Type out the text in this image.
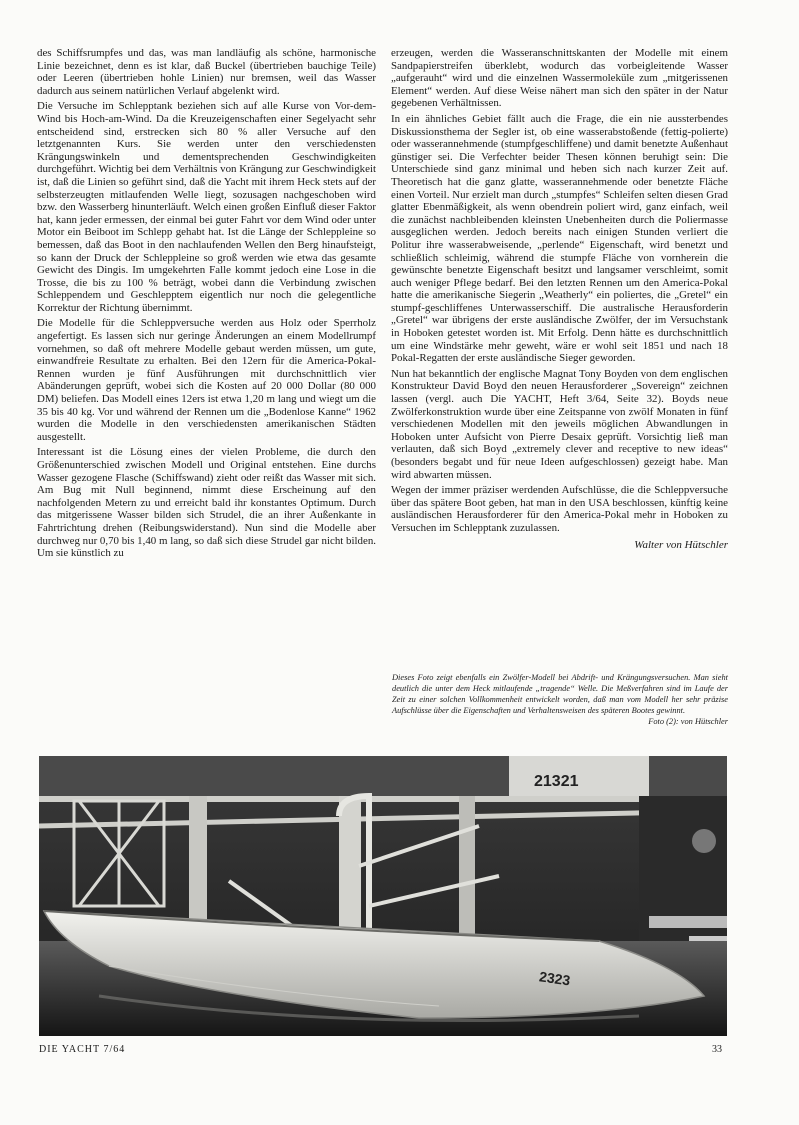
des Schiffsrumpfes und das, was man landläufig als schöne, harmonische Linie bezeichnet, denn es ist klar, daß Buckel (übertrieben bauchige Teile) oder Leeren (übertrieben hohle Linien) nur bremsen, weil das Wasser dadurch aus seinem natürlichen Verlauf abgelenkt wird.

Die Versuche im Schlepptank beziehen sich auf alle Kurse von Vor-dem-Wind bis Hoch-am-Wind. Da die Kreuzeigenschaften einer Segelyacht sehr entscheidend sind, erstrecken sich 80 % aller Versuche auf den letztgenannten Kurs. Sie werden unter den verschiedensten Krängungswinkeln und dementsprechenden Geschwindigkeiten durchgeführt. Wichtig bei dem Verhältnis von Krängung zur Geschwindigkeit ist, daß die Linien so geführt sind, daß die Yacht mit ihrem Heck stets auf der selbsterzeugten mitlaufenden Welle liegt, sozusagen nachgeschoben wird bzw. den Wasserberg hinunterläuft. Welch einen großen Einfluß dieser Faktor hat, kann jeder ermessen, der einmal bei guter Fahrt vor dem Wind oder unter Motor ein Beiboot im Schlepp gehabt hat. Ist die Länge der Schleppleine so bemessen, daß das Boot in den nachlaufenden Wellen den Berg hinaufsteigt, so kann der Druck der Schleppleine so groß werden wie etwa das gesamte Gewicht des Dingis. Im umgekehrten Falle kommt jedoch eine Lose in die Trosse, die bis zu 100 % beträgt, wobei dann die Verbindung zwischen Schleppendem und Geschlepptem eigentlich nur noch die gelegentliche Korrektur der Richtung übernimmt.

Die Modelle für die Schleppversuche werden aus Holz oder Sperrholz angefertigt. Es lassen sich nur geringe Änderungen an einem Modellrumpf vornehmen, so daß oft mehrere Modelle gebaut werden müssen, um gute, einwandfreie Resultate zu erhalten. Bei den 12ern für die America-Pokal-Rennen wurden je fünf Ausführungen mit durchschnittlich vier Abänderungen geprüft, wobei sich die Kosten auf 20 000 Dollar (80 000 DM) beliefen. Das Modell eines 12ers ist etwa 1,20 m lang und wiegt um die 35 bis 40 kg. Vor und während der Rennen um die „Bodenlose Kanne“ 1962 wurden die Modelle in den verschiedensten amerikanischen Städten ausgestellt.

Interessant ist die Lösung eines der vielen Probleme, die durch den Größenunterschied zwischen Modell und Original entstehen. Eine durchs Wasser gezogene Flasche (Schiffswand) zieht oder reißt das Wasser mit sich. Am Bug mit Null beginnend, nimmt diese Erscheinung auf den nachfolgenden Metern zu und erreicht bald ihr konstantes Optimum. Durch das mitgerissene Wasser bilden sich Strudel, die an ihrer Außenkante in Fahrtrichtung drehen (Reibungswiderstand). Nun sind die Modelle aber durchweg nur 0,70 bis 1,40 m lang, so daß sich diese Strudel gar nicht bilden. Um sie künstlich zu

erzeugen, werden die Wasseranschnittskanten der Modelle mit einem Sandpapierstreifen überklebt, wodurch das vorbeigleitende Wasser „aufgerauht“ wird und die einzelnen Wassermoleküle zum „mitgerissenen Element“ werden. Auf diese Weise nähert man sich den später in der Natur gegebenen Verhältnissen.

In ein ähnliches Gebiet fällt auch die Frage, die ein nie aussterbendes Diskussionsthema der Segler ist, ob eine wasserabstoßende (fettig-polierte) oder wasserannehmende (stumpfgeschliffene) und damit benetzte Außenhaut günstiger sei. Die Verfechter beider Thesen können beruhigt sein: Die Unterschiede sind ganz minimal und heben sich nach kurzer Zeit auf. Theoretisch hat die ganz glatte, wasserannehmende oder benetzte Fläche einen Vorteil. Nur erzielt man durch „stumpfes“ Schleifen selten diesen Grad glatter Ebenmäßigkeit, als wenn obendrein poliert wird, ganz einfach, weil die zunächst nachbleibenden kleinsten Unebenheiten durch die Poliermasse ausgeglichen werden. Jedoch bereits nach einigen Stunden verliert die Politur ihre wasserabweisende, „perlende“ Eigenschaft, wird benetzt und schließlich schleimig, während die stumpfe Fläche von vornherein die gewünschte benetzte Eigenschaft besitzt und langsamer verschleimt, somit auch weniger Pflege bedarf. Bei den letzten Rennen um den America-Pokal hatte die amerikanische Siegerin „Weatherly“ ein poliertes, die „Gretel“ ein stumpf-geschliffenes Unterwasserschiff. Die australische Herausforderin „Gretel“ war übrigens der erste ausländische Zwölfer, der im Versuchstank in Hoboken getestet worden ist. Mit Erfolg. Denn hätte es durchschnittlich um eine Windstärke mehr geweht, wäre er wohl seit 1851 und nach 18 Pokal-Regatten der erste ausländische Sieger geworden.

Nun hat bekanntlich der englische Magnat Tony Boyden von dem englischen Konstrukteur David Boyd den neuen Herausforderer „Sovereign“ zeichnen lassen (vergl. auch Die YACHT, Heft 3/64, Seite 32). Boyds neue Zwölferkonstruktion wurde über eine Zeitspanne von zwölf Monaten in fünf verschiedenen Modellen mit den jeweils möglichen Abwandlungen in Hoboken unter Aufsicht von Pierre Desaix geprüft. Vorsichtig ließ man verlauten, daß sich Boyd „extremely clever and receptive to new ideas“ (besonders begabt und für neue Ideen aufgeschlossen) gezeigt habe. Man wird abwarten müssen.

Wegen der immer präziser werdenden Aufschlüsse, die die Schleppversuche über das spätere Boot geben, hat man in den USA beschlossen, künftig keine ausländischen Herausforderer für den America-Pokal mehr in Hoboken zu Versuchen im Schlepptank zuzulassen.

Walter von Hütschler
Dieses Foto zeigt ebenfalls ein Zwölfer-Modell bei Abdrift- und Krängungsversuchen. Man sieht deutlich die unter dem Heck mitlaufende „tragende“ Welle. Die Meßverfahren sind im Laufe der Zeit zu einer solchen Vollkommenheit entwickelt worden, daß man vom Modell her sehr präzise Aufschlüsse über die Eigenschaften und Verhaltensweisen des späteren Bootes gewinnt.
Foto (2): von Hütschler
21321
2323
DIE YACHT 7/64	33
